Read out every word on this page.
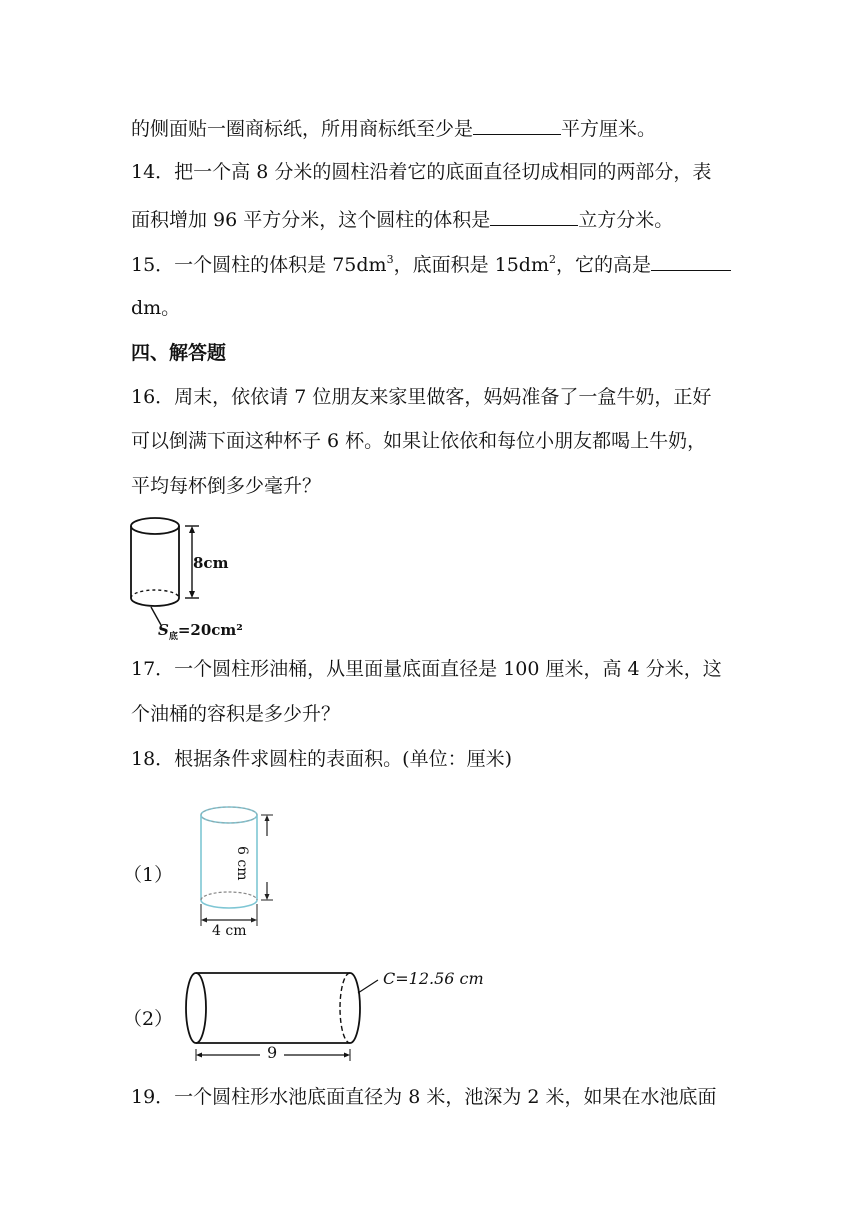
的侧面贴一圈商标纸，所用商标纸至少是	平方厘米。
14．把一个高 8 分米的圆柱沿着它的底面直径切成相同的两部分，表
面积增加 96 平方分米，这个圆柱的体积是	立方分米。
15．一个圆柱的体积是 $75dm^3$，底面积是 $15dm^2$，它的高是
dm。
四、解答题
16．周末，依依请 7 位朋友来家里做客，妈妈准备了一盒牛奶，正好
可以倒满下面这种杯子 6 杯。如果让依依和每位小朋友都喝上牛奶，
平均每杯倒多少毫升？
8cm
$S_底=20cm^2$
17．一个圆柱形油桶，从里面量底面直径是 100 厘米，高 4 分米，这
个油桶的容积是多少升？
18．根据条件求圆柱的表面积。(单位：厘米)
（1）	6 cm
4 cm
（2）
C=12.56 cm
9
19．一个圆柱形水池底面直径为 8 米，池深为 2 米，如果在水池底面
